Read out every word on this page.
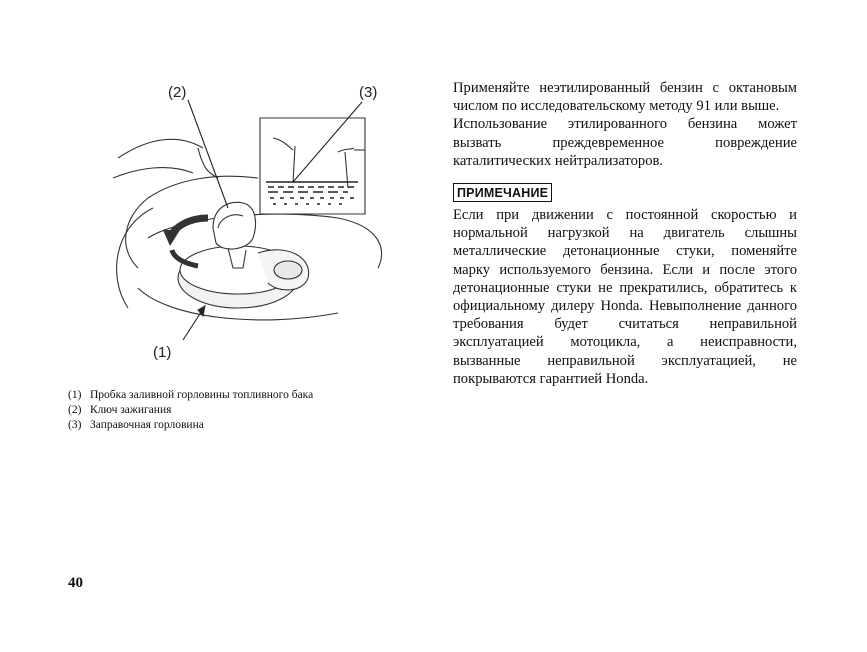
(2)	(3)
(1)
(1) Пробка заливной горловины топливного бака
(2) Ключ зажигания
(3) Заправочная горловина

Применяйте неэтилированный бензин с октановым числом по исследовательскому методу 91 или выше.

Использование этилированного бензина может вызвать преждевременное повреждение каталитических нейтрализаторов.

ПРИМЕЧАНИЕ

Если при движении с постоянной скоростью и нормальной нагрузкой на двигатель слышны металлические детонационные стуки, поменяйте марку используемого бензина. Если и после этого детонационные стуки не прекратились, обратитесь к официальному дилеру Honda. Невыполнение данного требования будет считаться неправильной эксплуатацией мотоцикла, а неисправности, вызванные неправильной эксплуатацией, не покрываются гарантией Honda.

40
